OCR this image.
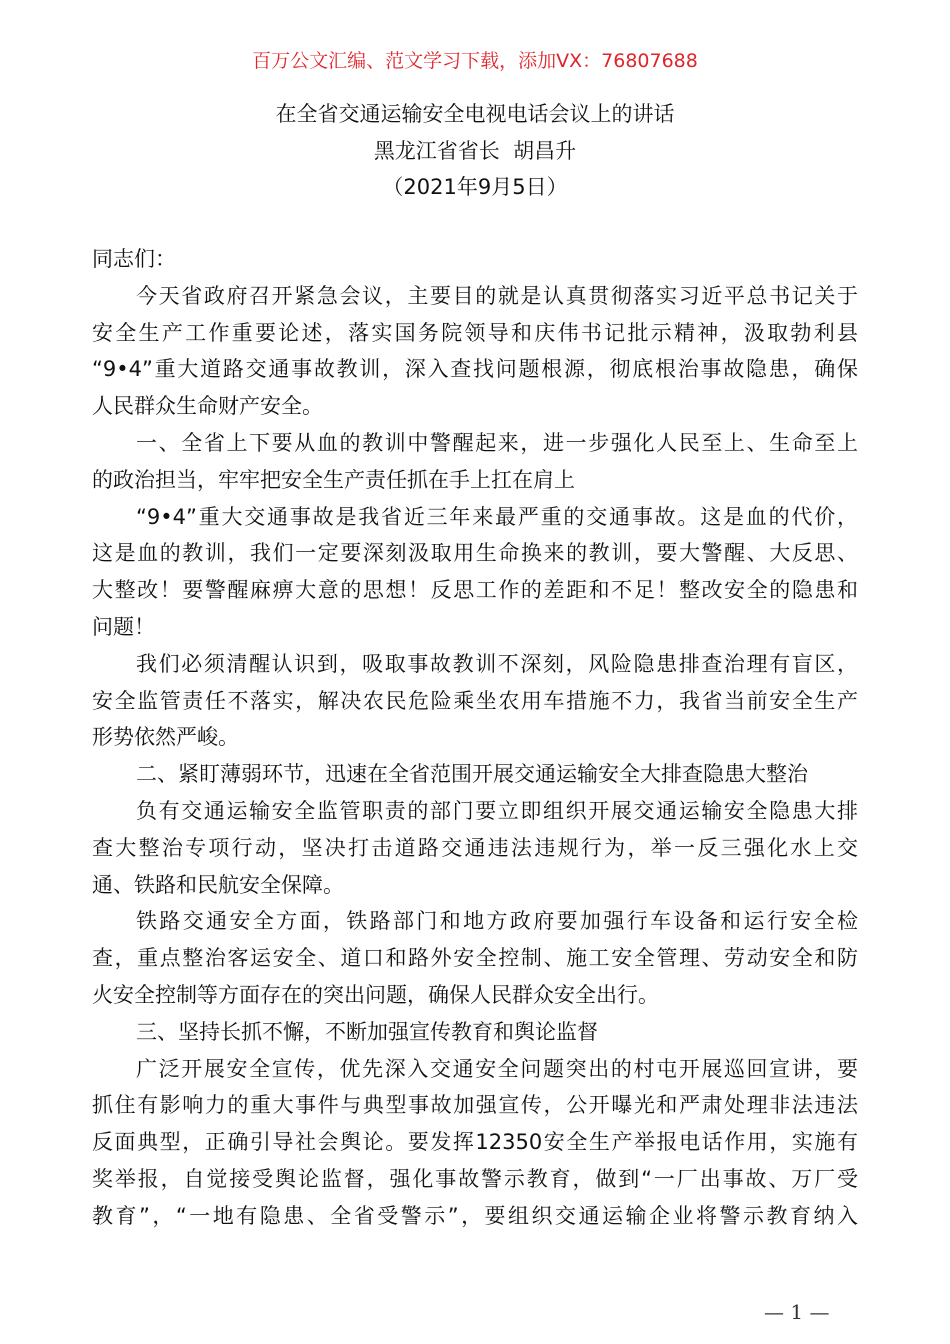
百万公文汇编、范文学习下载，添加VX：76807688
在全省交通运输安全电视电话会议上的讲话
黑龙江省省长  胡昌升
（2021年9月5日）
同志们：
今天省政府召开紧急会议，主要目的就是认真贯彻落实习近平总书记关于
安全生产工作重要论述，落实国务院领导和庆伟书记批示精神，汲取勃利县
“9•4”重大道路交通事故教训，深入查找问题根源，彻底根治事故隐患，确保
人民群众生命财产安全。
一、全省上下要从血的教训中警醒起来，进一步强化人民至上、生命至上
的政治担当，牢牢把安全生产责任抓在手上扛在肩上
“9•4”重大交通事故是我省近三年来最严重的交通事故。这是血的代价，
这是血的教训，我们一定要深刻汲取用生命换来的教训，要大警醒、大反思、
大整改！要警醒麻痹大意的思想！反思工作的差距和不足！整改安全的隐患和
问题！
我们必须清醒认识到，吸取事故教训不深刻，风险隐患排查治理有盲区，
安全监管责任不落实，解决农民危险乘坐农用车措施不力，我省当前安全生产
形势依然严峻。
二、紧盯薄弱环节，迅速在全省范围开展交通运输安全大排查隐患大整治
负有交通运输安全监管职责的部门要立即组织开展交通运输安全隐患大排
查大整治专项行动，坚决打击道路交通违法违规行为，举一反三强化水上交
通、铁路和民航安全保障。
铁路交通安全方面，铁路部门和地方政府要加强行车设备和运行安全检
查，重点整治客运安全、道口和路外安全控制、施工安全管理、劳动安全和防
火安全控制等方面存在的突出问题，确保人民群众安全出行。
三、坚持长抓不懈，不断加强宣传教育和舆论监督
广泛开展安全宣传，优先深入交通安全问题突出的村屯开展巡回宣讲，要
抓住有影响力的重大事件与典型事故加强宣传，公开曝光和严肃处理非法违法
反面典型，正确引导社会舆论。要发挥12350安全生产举报电话作用，实施有
奖举报，自觉接受舆论监督，强化事故警示教育，做到“一厂出事故、万厂受
教育”，“一地有隐患、全省受警示”，要组织交通运输企业将警示教育纳入
— 1 —
